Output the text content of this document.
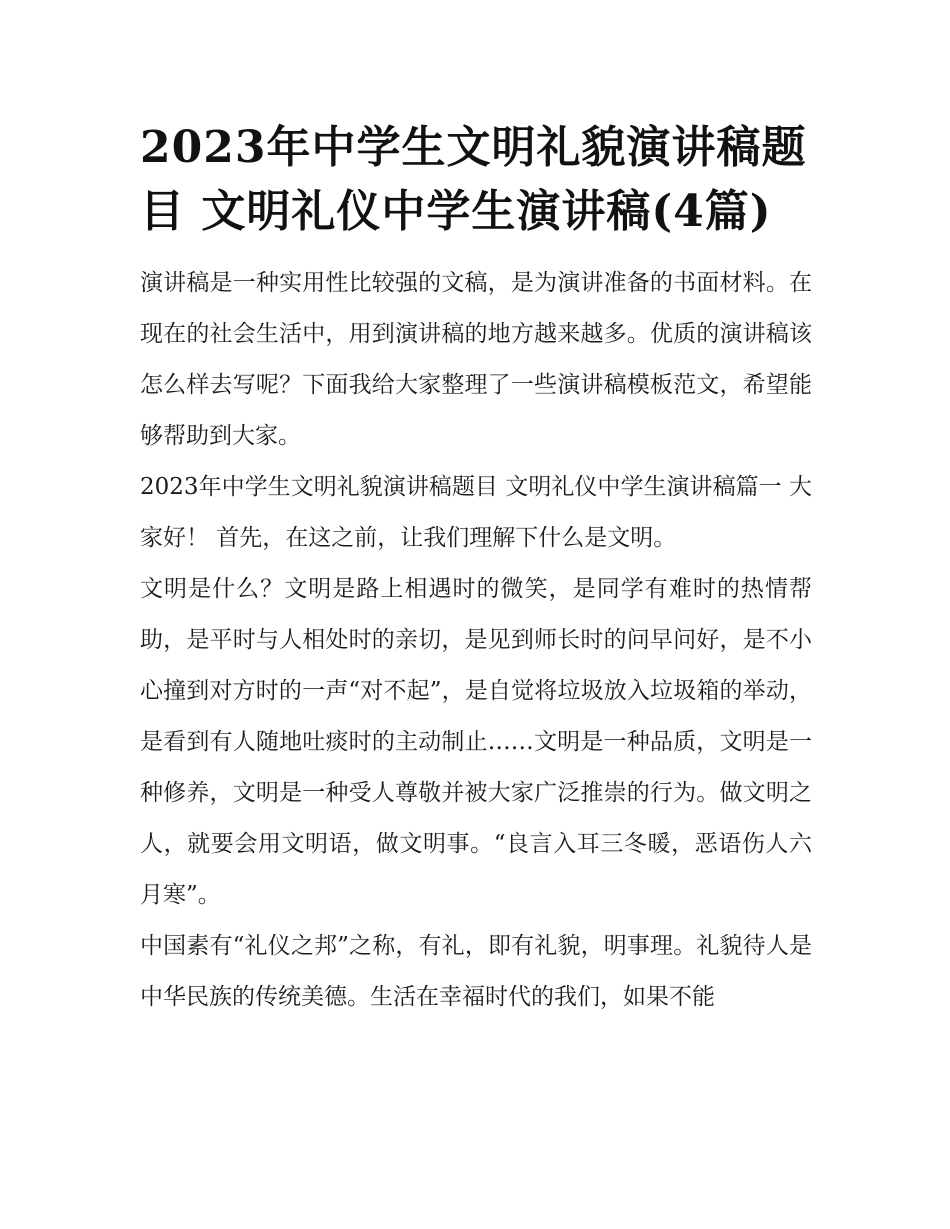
2023年中学生文明礼貌演讲稿题目 文明礼仪中学生演讲稿(4篇)

演讲稿是一种实用性比较强的文稿，是为演讲准备的书面材料。在现在的社会生活中，用到演讲稿的地方越来越多。优质的演讲稿该怎么样去写呢？下面我给大家整理了一些演讲稿模板范文，希望能够帮助到大家。

2023年中学生文明礼貌演讲稿题目 文明礼仪中学生演讲稿篇一 大家好！ 首先，在这之前，让我们理解下什么是文明。

文明是什么？文明是路上相遇时的微笑，是同学有难时的热情帮助，是平时与人相处时的亲切，是见到师长时的问早问好，是不小心撞到对方时的一声“对不起”，是自觉将垃圾放入垃圾箱的举动，是看到有人随地吐痰时的主动制止……文明是一种品质，文明是一种修养，文明是一种受人尊敬并被大家广泛推崇的行为。做文明之人，就要会用文明语，做文明事。“良言入耳三冬暖，恶语伤人六月寒”。

中国素有“礼仪之邦”之称，有礼，即有礼貌，明事理。礼貌待人是中华民族的传统美德。生活在幸福时代的我们，如果不能
